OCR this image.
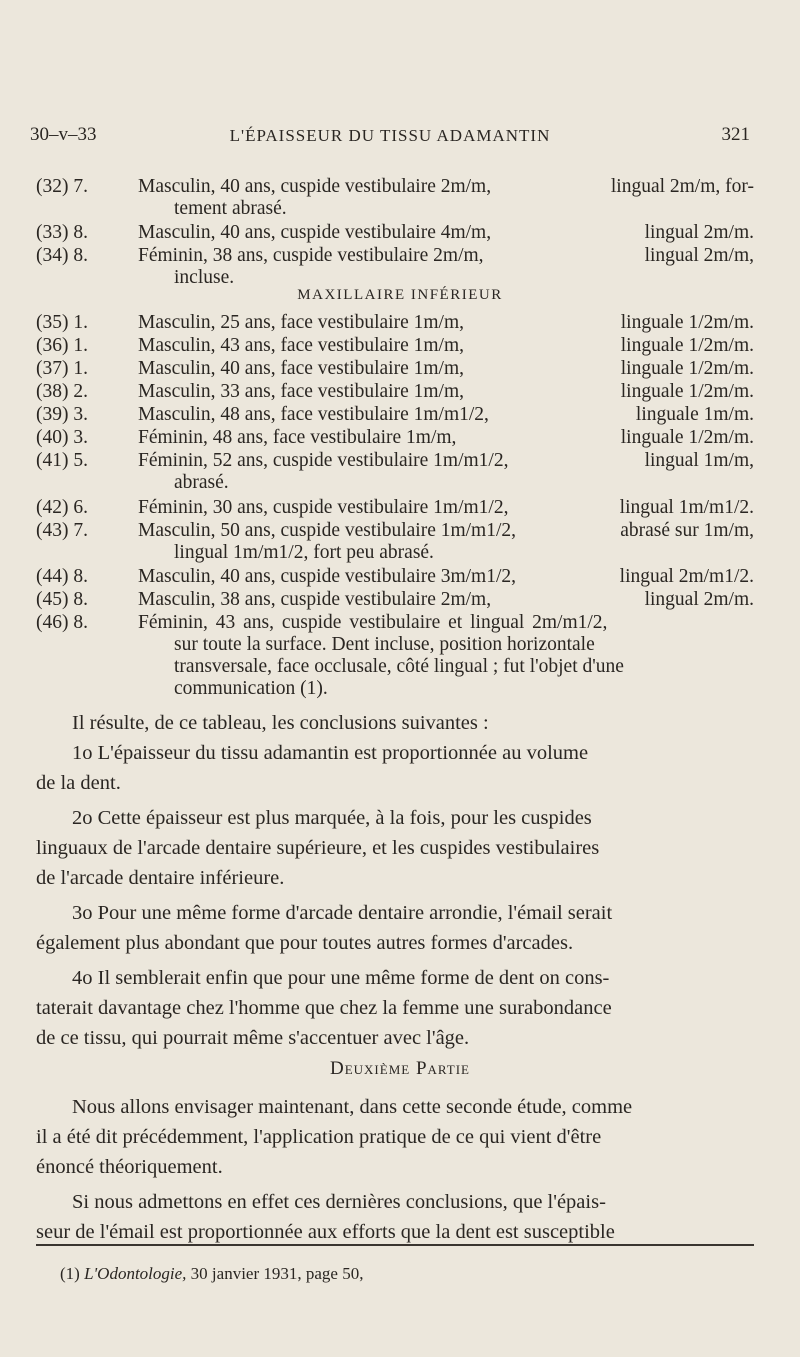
30–v–33	L'ÉPAISSEUR DU TISSU ADAMANTIN	321
(32) 7.	Masculin, 40 ans, cuspide vestibulaire 2m/m,	lingual 2m/m, for-
tement abrasé.
(33) 8.	Masculin, 40 ans, cuspide vestibulaire 4m/m,	lingual 2m/m.
(34) 8.	Féminin, 38 ans, cuspide vestibulaire 2m/m,	lingual 2m/m,
incluse.
MAXILLAIRE INFÉRIEUR
(35) 1.	Masculin, 25 ans, face vestibulaire 1m/m,	linguale 1/2m/m.
(36) 1.	Masculin, 43 ans, face vestibulaire 1m/m,	linguale 1/2m/m.
(37) 1.	Masculin, 40 ans, face vestibulaire 1m/m,	linguale 1/2m/m.
(38) 2.	Masculin, 33 ans, face vestibulaire 1m/m,	linguale 1/2m/m.
(39) 3.	Masculin, 48 ans, face vestibulaire 1m/m1/2,	linguale 1m/m.
(40) 3.	Féminin, 48 ans, face vestibulaire 1m/m,	linguale 1/2m/m.
(41) 5.	Féminin, 52 ans, cuspide vestibulaire 1m/m1/2,	lingual 1m/m,
abrasé.
(42) 6.	Féminin, 30 ans, cuspide vestibulaire 1m/m1/2,	lingual 1m/m1/2.
(43) 7.	Masculin, 50 ans, cuspide vestibulaire 1m/m1/2,	abrasé sur 1m/m,
lingual 1m/m1/2, fort peu abrasé.
(44) 8.	Masculin, 40 ans, cuspide vestibulaire 3m/m1/2,	lingual 2m/m1/2.
(45) 8.	Masculin, 38 ans, cuspide vestibulaire 2m/m,	lingual 2m/m.
(46) 8.	Féminin, 43 ans, cuspide vestibulaire et lingual 2m/m1/2,
sur toute la surface. Dent incluse, position horizontale
transversale, face occlusale, côté lingual ; fut l'objet d'une
communication (1).
Il résulte, de ce tableau, les conclusions suivantes :
1o L'épaisseur du tissu adamantin est proportionnée au volume
de la dent.
2o Cette épaisseur est plus marquée, à la fois, pour les cuspides
linguaux de l'arcade dentaire supérieure, et les cuspides vestibulaires
de l'arcade dentaire inférieure.
3o Pour une même forme d'arcade dentaire arrondie, l'émail serait
également plus abondant que pour toutes autres formes d'arcades.
4o Il semblerait enfin que pour une même forme de dent on cons-
taterait davantage chez l'homme que chez la femme une surabondance
de ce tissu, qui pourrait même s'accentuer avec l'âge.
Deuxième Partie
Nous allons envisager maintenant, dans cette seconde étude, comme
il a été dit précédemment, l'application pratique de ce qui vient d'être
énoncé théoriquement.
Si nous admettons en effet ces dernières conclusions, que l'épais-
seur de l'émail est proportionnée aux efforts que la dent est susceptible
(1) L'Odontologie, 30 janvier 1931, page 50,
